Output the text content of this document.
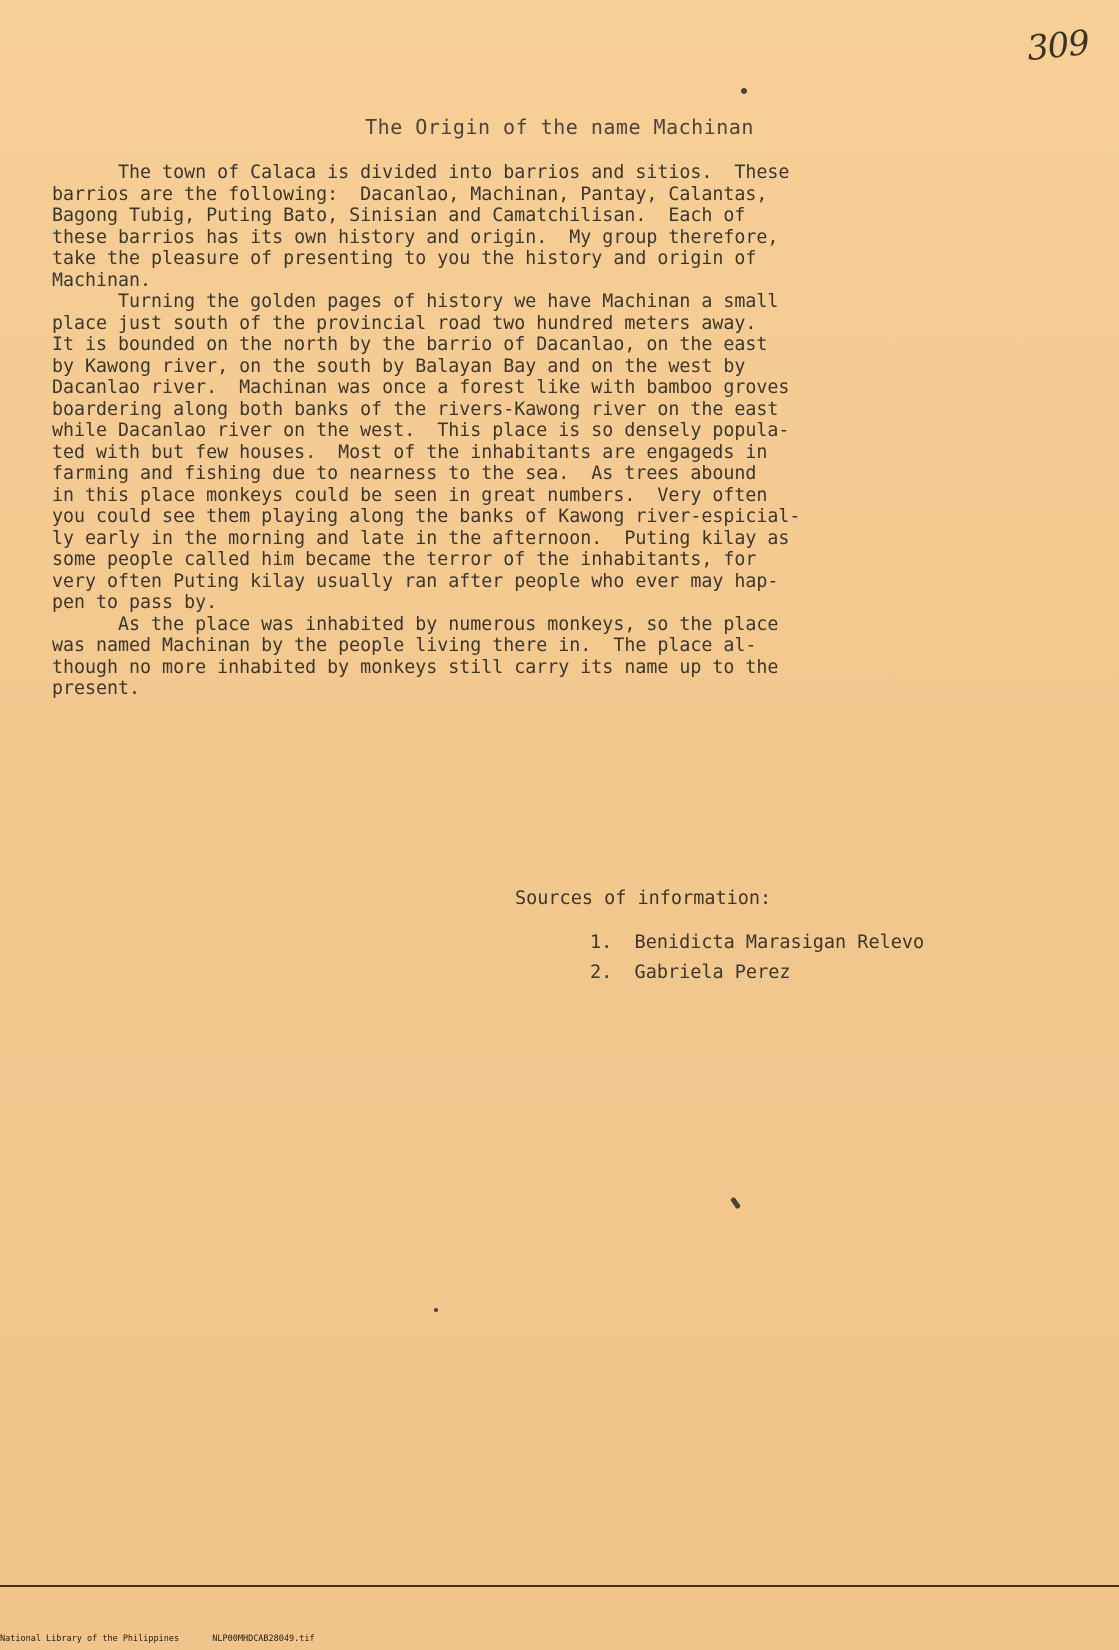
309
The Origin of the name Machinan

The town of Calaca is divided into barrios and sitios.  These

barrios are the following:  Dacanlao, Machinan, Pantay, Calantas,

Bagong Tubig, Puting Bato, Sinisian and Camatchilisan.  Each of

these barrios has its own history and origin.  My group therefore,

take the pleasure of presenting to you the history and origin of

Machinan.

Turning the golden pages of history we have Machinan a small

place just south of the provincial road two hundred meters away.

It is bounded on the north by the barrio of Dacanlao, on the east

by Kawong river, on the south by Balayan Bay and on the west by

Dacanlao river.  Machinan was once a forest like with bamboo groves

boardering along both banks of the rivers-Kawong river on the east

while Dacanlao river on the west.  This place is so densely popula-

ted with but few houses.  Most of the inhabitants are engageds in

farming and fishing due to nearness to the sea.  As trees abound

in this place monkeys could be seen in great numbers.  Very often

you could see them playing along the banks of Kawong river-espicial-

ly early in the morning and late in the afternoon.  Puting kilay as

some people called him became the terror of the inhabitants, for

very often Puting kilay usually ran after people who ever may hap-

pen to pass by.

As the place was inhabited by numerous monkeys, so the place

was named Machinan by the people living there in.  The place al-

though no more inhabited by monkeys still carry its name up to the

present.

Sources of information:

1.  Benidicta Marasigan Relevo
2.  Gabriela Perez
National Library of the Philippines	NLP00MHDCAB28049.tif
